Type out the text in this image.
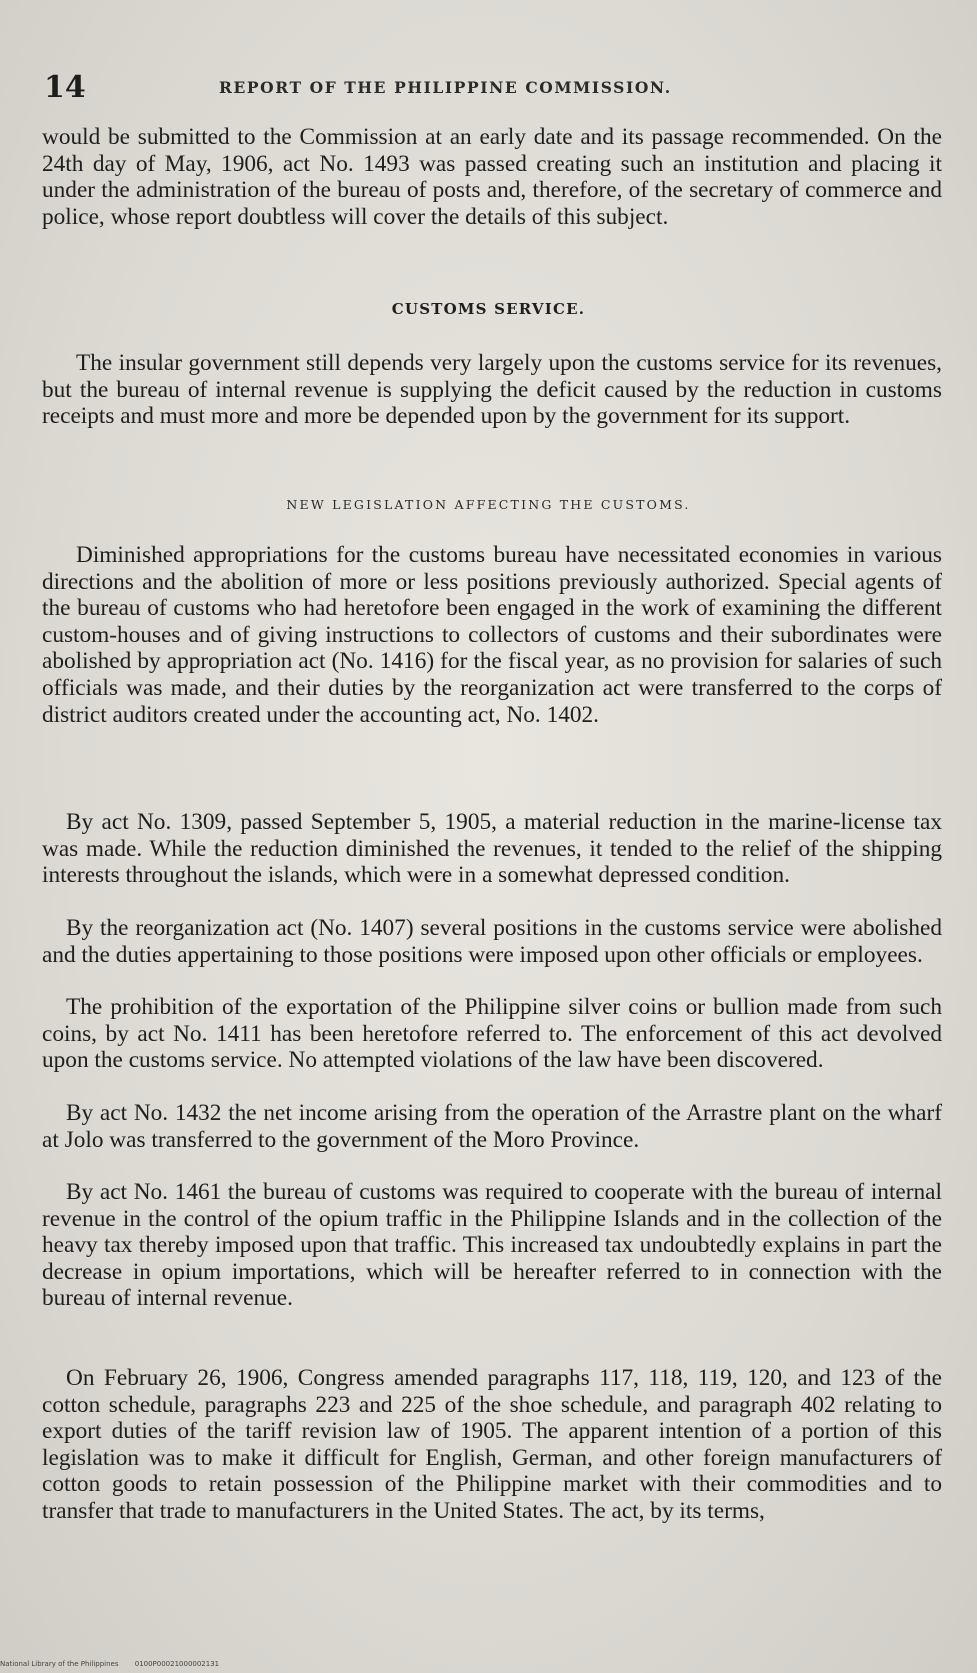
14	REPORT OF THE PHILIPPINE COMMISSION.
would be submitted to the Commission at an early date and its passage recommended. On the 24th day of May, 1906, act No. 1493 was passed creating such an institution and placing it under the administration of the bureau of posts and, therefore, of the secretary of commerce and police, whose report doubtless will cover the details of this subject.
CUSTOMS SERVICE.
The insular government still depends very largely upon the customs service for its revenues, but the bureau of internal revenue is supplying the deficit caused by the reduction in customs receipts and must more and more be depended upon by the government for its support.
NEW LEGISLATION AFFECTING THE CUSTOMS.
Diminished appropriations for the customs bureau have necessitated economies in various directions and the abolition of more or less positions previously authorized. Special agents of the bureau of customs who had heretofore been engaged in the work of examining the different custom-houses and of giving instructions to collectors of customs and their subordinates were abolished by appropriation act (No. 1416) for the fiscal year, as no provision for salaries of such officials was made, and their duties by the reorganization act were transferred to the corps of district auditors created under the accounting act, No. 1402.
By act No. 1309, passed September 5, 1905, a material reduction in the marine-license tax was made. While the reduction diminished the revenues, it tended to the relief of the shipping interests throughout the islands, which were in a somewhat depressed condition.
By the reorganization act (No. 1407) several positions in the customs service were abolished and the duties appertaining to those positions were imposed upon other officials or employees.
The prohibition of the exportation of the Philippine silver coins or bullion made from such coins, by act No. 1411 has been heretofore referred to. The enforcement of this act devolved upon the customs service. No attempted violations of the law have been discovered.
By act No. 1432 the net income arising from the operation of the Arrastre plant on the wharf at Jolo was transferred to the government of the Moro Province.
By act No. 1461 the bureau of customs was required to cooperate with the bureau of internal revenue in the control of the opium traffic in the Philippine Islands and in the collection of the heavy tax thereby imposed upon that traffic. This increased tax undoubtedly explains in part the decrease in opium importations, which will be hereafter referred to in connection with the bureau of internal revenue.
On February 26, 1906, Congress amended paragraphs 117, 118, 119, 120, and 123 of the cotton schedule, paragraphs 223 and 225 of the shoe schedule, and paragraph 402 relating to export duties of the tariff revision law of 1905. The apparent intention of a portion of this legislation was to make it difficult for English, German, and other foreign manufacturers of cotton goods to retain possession of the Philippine market with their commodities and to transfer that trade to manufacturers in the United States. The act, by its terms,
National Library of the Philippines 0100P00021000002131
